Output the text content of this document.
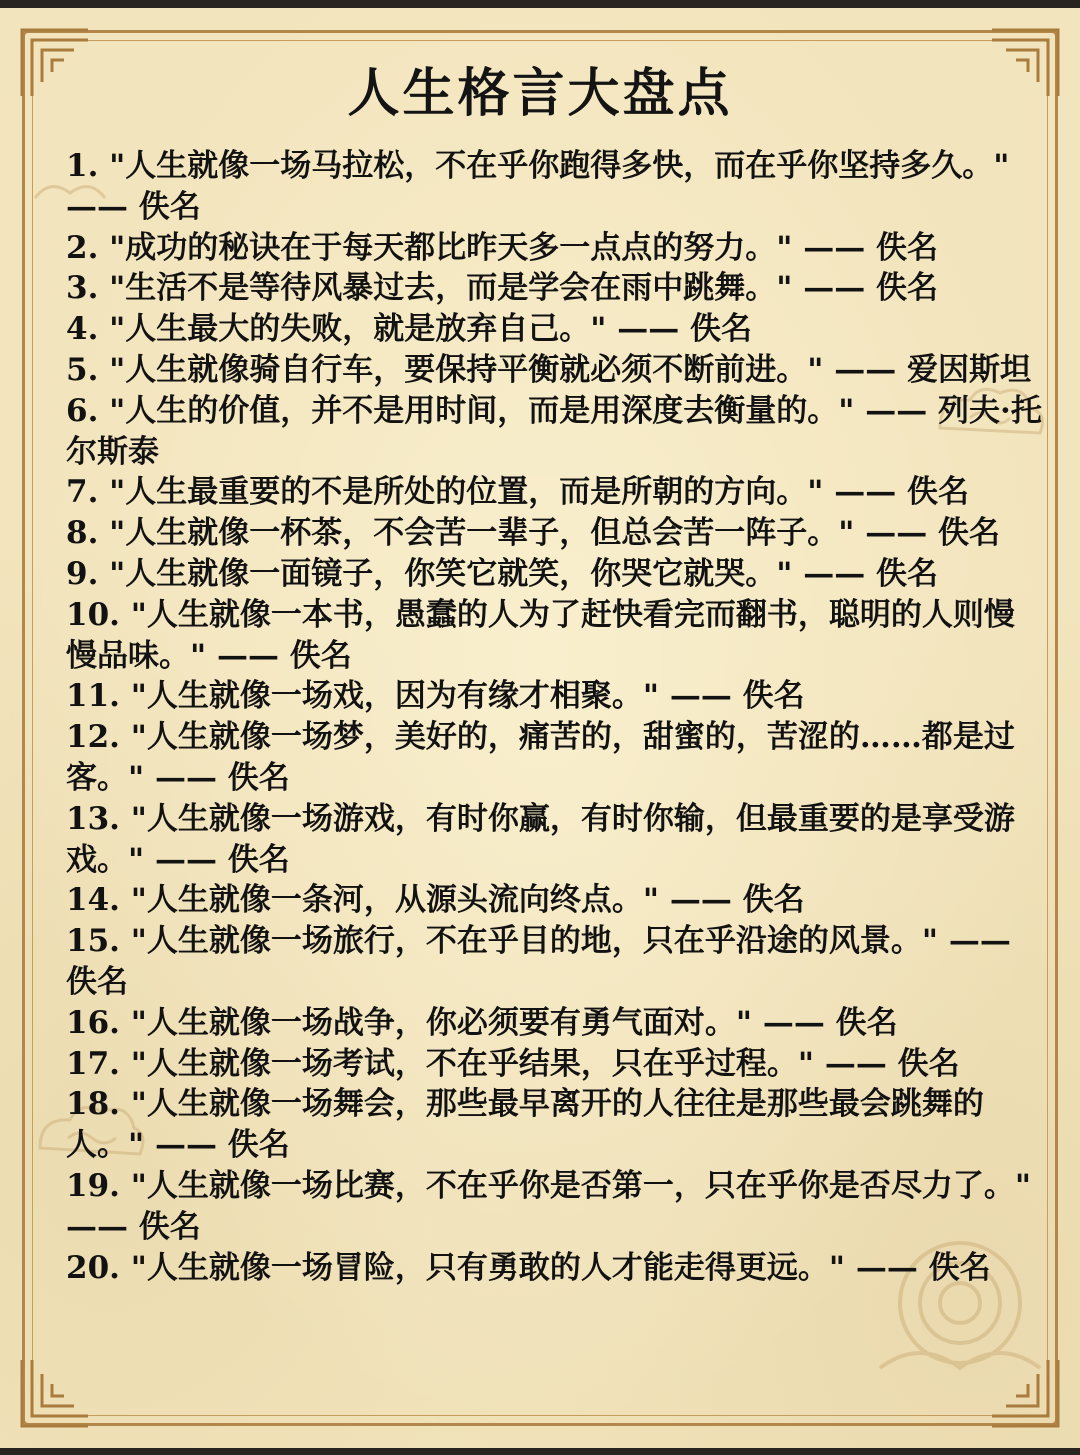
人生格言大盘点
1. "人生就像一场马拉松，不在乎你跑得多快，而在乎你坚持多久。" —— 佚名
2. "成功的秘诀在于每天都比昨天多一点点的努力。" —— 佚名
3. "生活不是等待风暴过去，而是学会在雨中跳舞。" —— 佚名
4. "人生最大的失败，就是放弃自己。" —— 佚名
5. "人生就像骑自行车，要保持平衡就必须不断前进。" —— 爱因斯坦
6. "人生的价值，并不是用时间，而是用深度去衡量的。" —— 列夫·托尔斯泰
7. "人生最重要的不是所处的位置，而是所朝的方向。" —— 佚名
8. "人生就像一杯茶，不会苦一辈子，但总会苦一阵子。" —— 佚名
9. "人生就像一面镜子，你笑它就笑，你哭它就哭。" —— 佚名
10. "人生就像一本书，愚蠢的人为了赶快看完而翻书，聪明的人则慢慢品味。" —— 佚名
11. "人生就像一场戏，因为有缘才相聚。" —— 佚名
12. "人生就像一场梦，美好的，痛苦的，甜蜜的，苦涩的……都是过客。" —— 佚名
13. "人生就像一场游戏，有时你赢，有时你输，但最重要的是享受游戏。" —— 佚名
14. "人生就像一条河，从源头流向终点。" —— 佚名
15. "人生就像一场旅行，不在乎目的地，只在乎沿途的风景。" —— 佚名
16. "人生就像一场战争，你必须要有勇气面对。" —— 佚名
17. "人生就像一场考试，不在乎结果，只在乎过程。" —— 佚名
18. "人生就像一场舞会，那些最早离开的人往往是那些最会跳舞的人。" —— 佚名
19. "人生就像一场比赛，不在乎你是否第一，只在乎你是否尽力了。" —— 佚名
20. "人生就像一场冒险，只有勇敢的人才能走得更远。" —— 佚名
